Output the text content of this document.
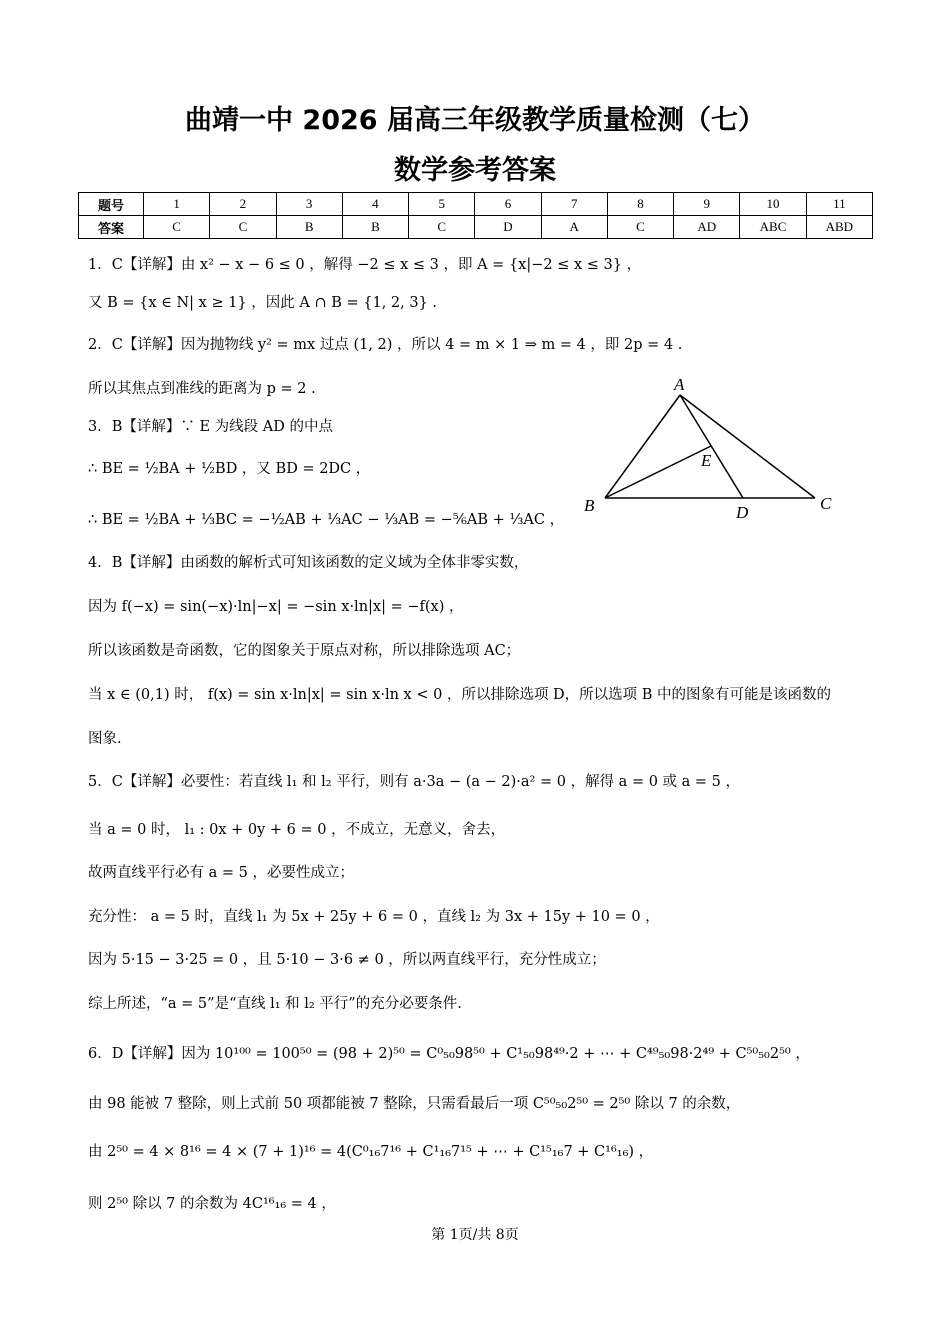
曲靖一中 2026 届高三年级教学质量检测（七）
数学参考答案
题号	1	2	3	4	5	6	7	8	9	10	11
答案	C	C	B	B	C	D	A	C	AD	ABC	ABD
1．C【详解】由 x² − x − 6 ≤ 0 ，解得 −2 ≤ x ≤ 3 ，即 A = {x|−2 ≤ x ≤ 3} ，
又 B = {x ∈ N| x ≥ 1} ，因此 A ∩ B = {1, 2, 3} .
2．C【详解】因为抛物线 y² = mx 过点 (1, 2) ，所以 4 = m × 1 ⇒ m = 4 ，即 2p = 4 .
所以其焦点到准线的距离为 p = 2 .
3．B【详解】∵ E 为线段 AD 的中点
∴ BE = ½BA + ½BD ，又 BD = 2DC ，
∴ BE = ½BA + ⅓BC = −½AB + ⅓AC − ⅓AB = −⅚AB + ⅓AC ，
4．B【详解】由函数的解析式可知该函数的定义域为全体非零实数，
因为 f(−x) = sin(−x)·ln|−x| = −sin x·ln|x| = −f(x) ，
所以该函数是奇函数，它的图象关于原点对称，所以排除选项 AC；
当 x ∈ (0,1) 时， f(x) = sin x·ln|x| = sin x·ln x < 0 ，所以排除选项 D，所以选项 B 中的图象有可能是该函数的
图象.
5．C【详解】必要性：若直线 l₁ 和 l₂ 平行，则有 a·3a − (a − 2)·a² = 0 ，解得 a = 0 或 a = 5 ，
当 a = 0 时， l₁ : 0x + 0y + 6 = 0 ，不成立，无意义，舍去，
故两直线平行必有 a = 5 ，必要性成立；
充分性： a = 5 时，直线 l₁ 为 5x + 25y + 6 = 0 ，直线 l₂ 为 3x + 15y + 10 = 0 ，
因为 5·15 − 3·25 = 0 ，且 5·10 − 3·6 ≠ 0 ，所以两直线平行，充分性成立；
综上所述，“a = 5”是“直线 l₁ 和 l₂ 平行”的充分必要条件.
6．D【详解】因为 10¹⁰⁰ = 100⁵⁰ = (98 + 2)⁵⁰ = C⁰₅₀98⁵⁰ + C¹₅₀98⁴⁹·2 + ⋯ + C⁴⁹₅₀98·2⁴⁹ + C⁵⁰₅₀2⁵⁰ ，
由 98 能被 7 整除，则上式前 50 项都能被 7 整除，只需看最后一项 C⁵⁰₅₀2⁵⁰ = 2⁵⁰ 除以 7 的余数，
由 2⁵⁰ = 4 × 8¹⁶ = 4 × (7 + 1)¹⁶ = 4(C⁰₁₆7¹⁶ + C¹₁₆7¹⁵ + ⋯ + C¹⁵₁₆7 + C¹⁶₁₆) ，
则 2⁵⁰ 除以 7 的余数为 4C¹⁶₁₆ = 4 ，
A
B	C
D
E
第 1页/共 8页
